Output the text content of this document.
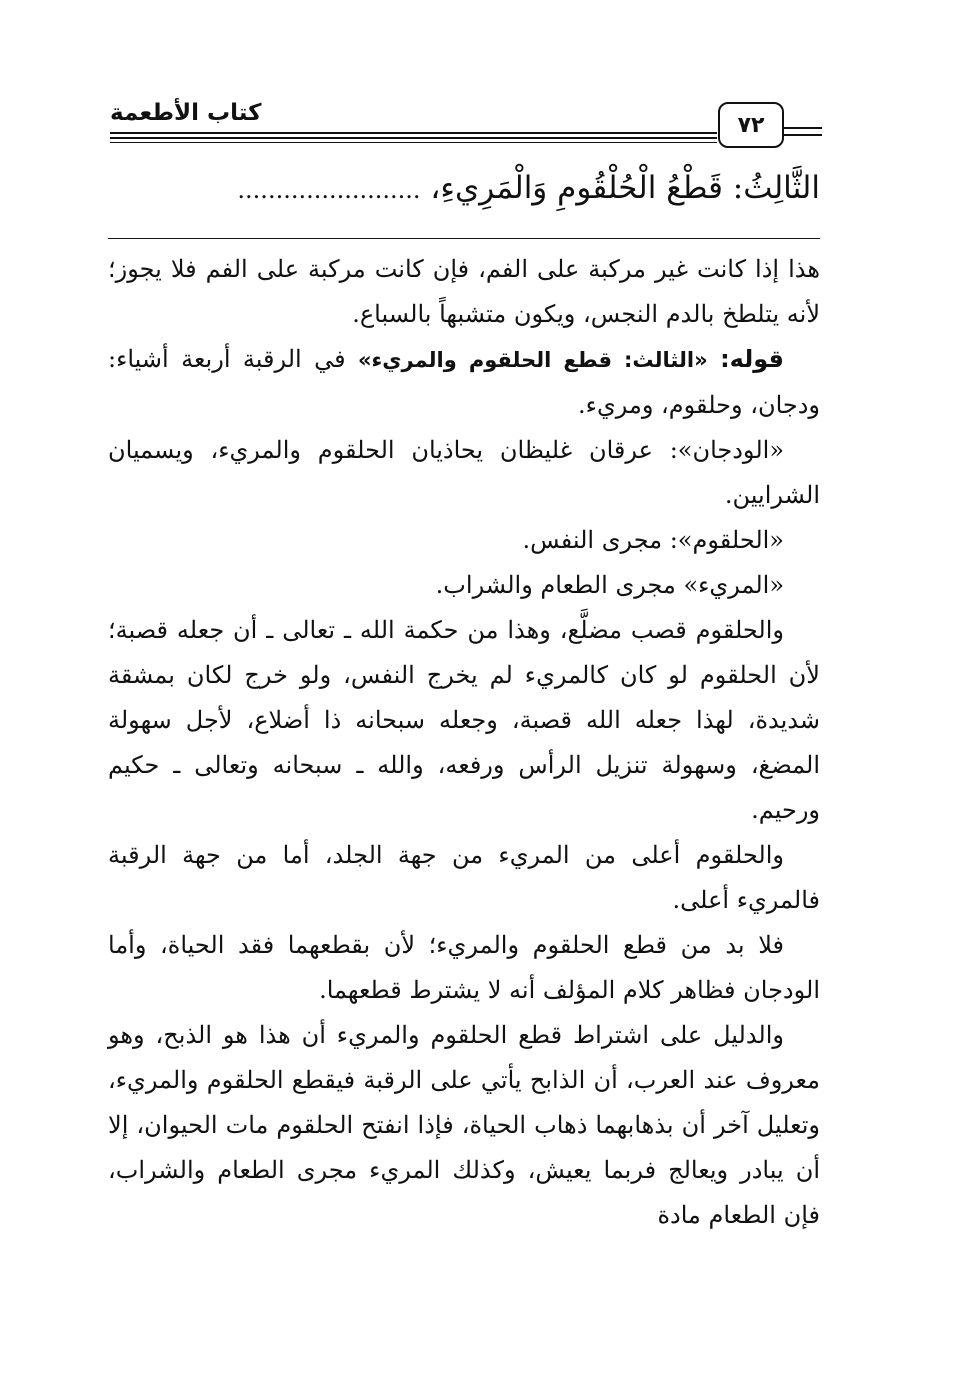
كتاب الأطعمة	٧٢
الثَّالِثُ: قَطْعُ الْحُلْقُومِ وَالْمَرِيءِ، ........................

هذا إذا كانت غير مركبة على الفم، فإن كانت مركبة على الفم فلا يجوز؛ لأنه يتلطخ بالدم النجس، ويكون متشبهاً بالسباع.

قوله: «الثالث: قطع الحلقوم والمريء» في الرقبة أربعة أشياء: ودجان، وحلقوم، ومريء.

«الودجان»: عرقان غليظان يحاذيان الحلقوم والمريء، ويسميان الشرايين.

«الحلقوم»: مجرى النفس.

«المريء» مجرى الطعام والشراب.

والحلقوم قصب مضلَّع، وهذا من حكمة الله ـ تعالى ـ أن جعله قصبة؛ لأن الحلقوم لو كان كالمريء لم يخرج النفس، ولو خرج لكان بمشقة شديدة، لهذا جعله الله قصبة، وجعله سبحانه ذا أضلاع، لأجل سهولة المضغ، وسهولة تنزيل الرأس ورفعه، والله ـ سبحانه وتعالى ـ حكيم ورحيم.

والحلقوم أعلى من المريء من جهة الجلد، أما من جهة الرقبة فالمريء أعلى.

فلا بد من قطع الحلقوم والمريء؛ لأن بقطعهما فقد الحياة، وأما الودجان فظاهر كلام المؤلف أنه لا يشترط قطعهما.

والدليل على اشتراط قطع الحلقوم والمريء أن هذا هو الذبح، وهو معروف عند العرب، أن الذابح يأتي على الرقبة فيقطع الحلقوم والمريء، وتعليل آخر أن بذهابهما ذهاب الحياة، فإذا انفتح الحلقوم مات الحيوان، إلا أن يبادر ويعالج فربما يعيش، وكذلك المريء مجرى الطعام والشراب، فإن الطعام مادة
